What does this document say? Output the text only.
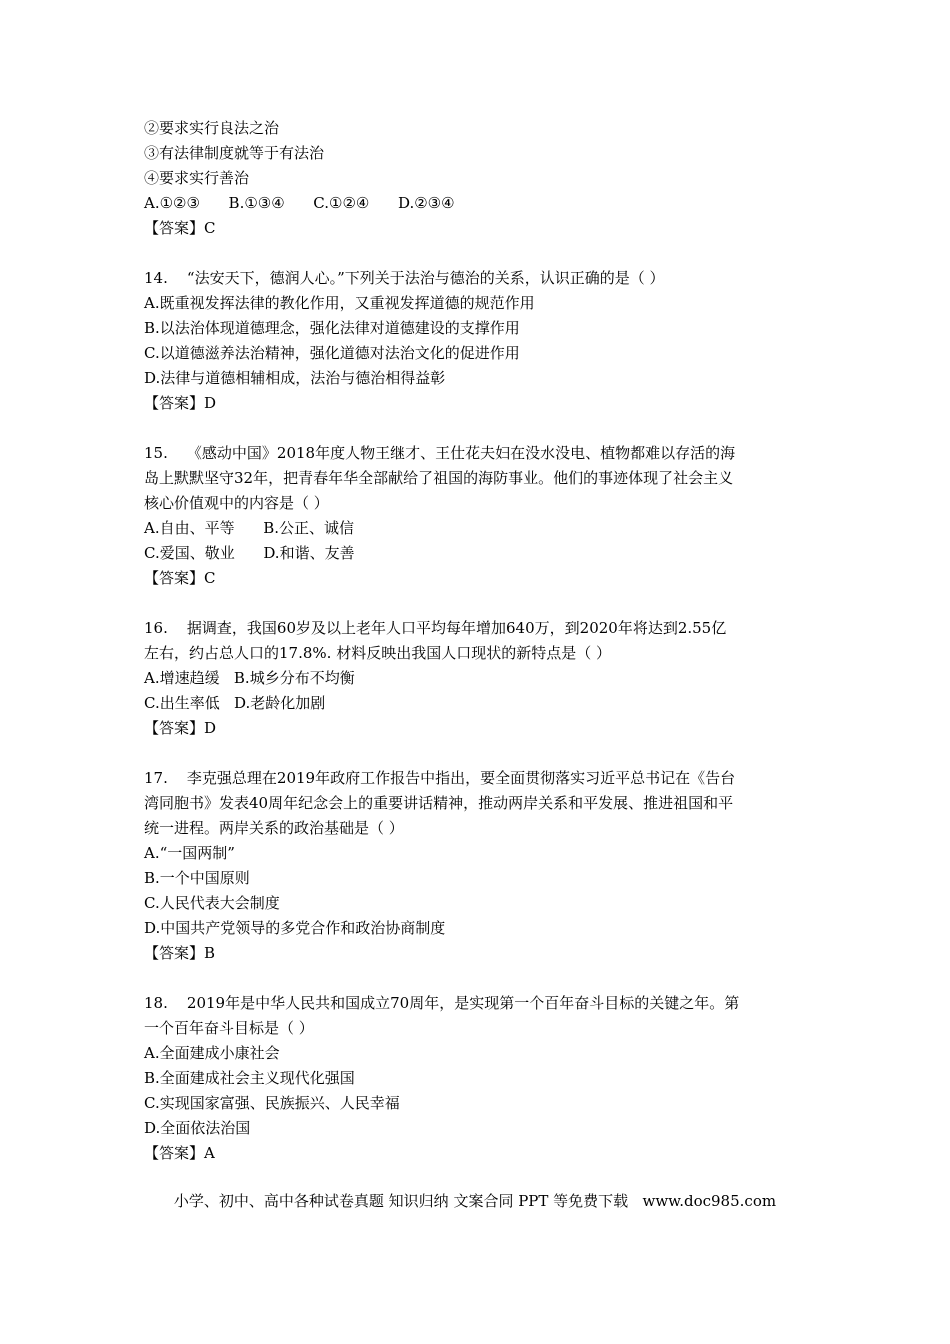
②要求实行良法之治
③有法律制度就等于有法治
④要求实行善治
A.①②③      B.①③④      C.①②④      D.②③④
【答案】C
14.    “法安天下，德润人心。”下列关于法治与德治的关系，认识正确的是（ ）
A.既重视发挥法律的教化作用，又重视发挥道德的规范作用
B.以法治体现道德理念，强化法律对道德建设的支撑作用
C.以道德滋养法治精神，强化道德对法治文化的促进作用
D.法律与道德相辅相成，法治与德治相得益彰
【答案】D
15.    《感动中国》2018年度人物王继才、王仕花夫妇在没水没电、植物都难以存活的海
岛上默默坚守32年，把青春年华全部献给了祖国的海防事业。他们的事迹体现了社会主义
核心价值观中的内容是（ ）
A.自由、平等      B.公正、诚信
C.爱国、敬业      D.和谐、友善
【答案】C
16.    据调查，我国60岁及以上老年人口平均每年增加640万，到2020年将达到2.55亿
左右，约占总人口的17.8%. 材料反映出我国人口现状的新特点是（ ）
A.增速趋缓   B.城乡分布不均衡
C.出生率低   D.老龄化加剧
【答案】D
17.    李克强总理在2019年政府工作报告中指出，要全面贯彻落实习近平总书记在《告台
湾同胞书》发表40周年纪念会上的重要讲话精神，推动两岸关系和平发展、推进祖国和平
统一进程。两岸关系的政治基础是（ ）
A.“一国两制”
B.一个中国原则
C.人民代表大会制度
D.中国共产党领导的多党合作和政治协商制度
【答案】B
18.    2019年是中华人民共和国成立70周年，是实现第一个百年奋斗目标的关键之年。第
一个百年奋斗目标是（ ）
A.全面建成小康社会
B.全面建成社会主义现代化强国
C.实现国家富强、民族振兴、人民幸福
D.全面依法治国
【答案】A
小学、初中、高中各种试卷真题 知识归纳 文案合同 PPT 等免费下载   www.doc985.com
